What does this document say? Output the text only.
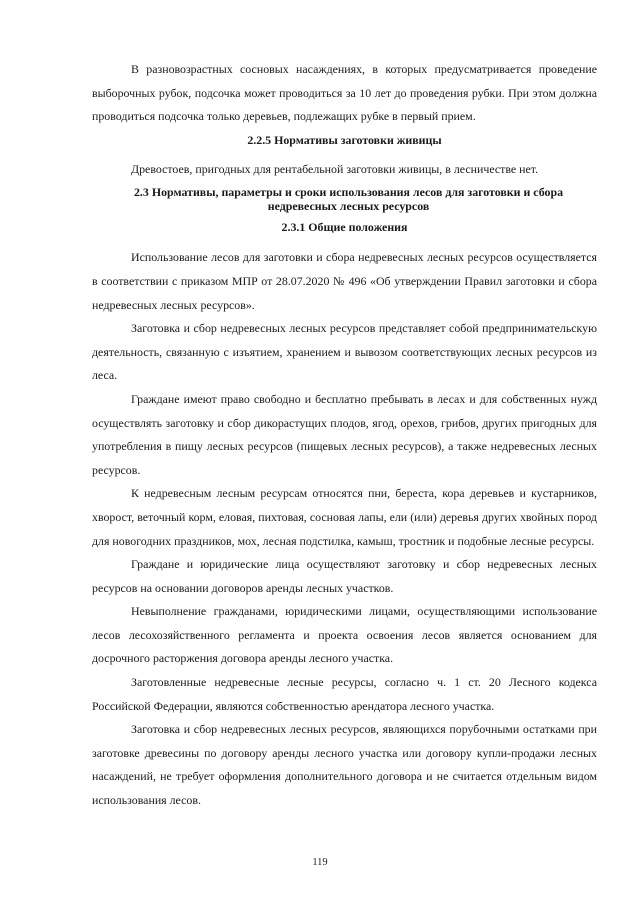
В разновозрастных сосновых насаждениях, в которых предусматривается проведение выборочных рубок, подсочка может проводиться за 10 лет до проведения рубки. При этом должна проводиться подсочка только деревьев, подлежащих рубке в первый прием.

2.2.5 Нормативы заготовки живицы

Древостоев, пригодных для рентабельной заготовки живицы, в лесничестве нет.

2.3 Нормативы, параметры и сроки использования лесов для заготовки и сбора недревесных лесных ресурсов
2.3.1 Общие положения

Использование лесов для заготовки и сбора недревесных лесных ресурсов осуществляется в соответствии с приказом МПР от 28.07.2020 № 496 «Об утверждении Правил заготовки и сбора недревесных лесных ресурсов».

Заготовка и сбор недревесных лесных ресурсов представляет собой предпринимательскую деятельность, связанную с изъятием, хранением и вывозом соответствующих лесных ресурсов из леса.

Граждане имеют право свободно и бесплатно пребывать в лесах и для собственных нужд осуществлять заготовку и сбор дикорастущих плодов, ягод, орехов, грибов, других пригодных для употребления в пищу лесных ресурсов (пищевых лесных ресурсов), а также недревесных лесных ресурсов.

К недревесным лесным ресурсам относятся пни, береста, кора деревьев и кустарников, хворост, веточный корм, еловая, пихтовая, сосновая лапы, ели (или) деревья других хвойных пород для новогодних праздников, мох, лесная подстилка, камыш, тростник и подобные лесные ресурсы.

Граждане и юридические лица осуществляют заготовку и сбор недревесных лесных ресурсов на основании договоров аренды лесных участков.

Невыполнение гражданами, юридическими лицами, осуществляющими использование лесов лесохозяйственного регламента и проекта освоения лесов является основанием для досрочного расторжения договора аренды лесного участка.

Заготовленные недревесные лесные ресурсы, согласно ч. 1 ст. 20 Лесного кодекса Российской Федерации, являются собственностью арендатора лесного участка.

Заготовка и сбор недревесных лесных ресурсов, являющихся порубочными остатками при заготовке древесины по договору аренды лесного участка или договору купли-продажи лесных насаждений, не требует оформления дополнительного договора и не считается отдельным видом использования лесов.

119
